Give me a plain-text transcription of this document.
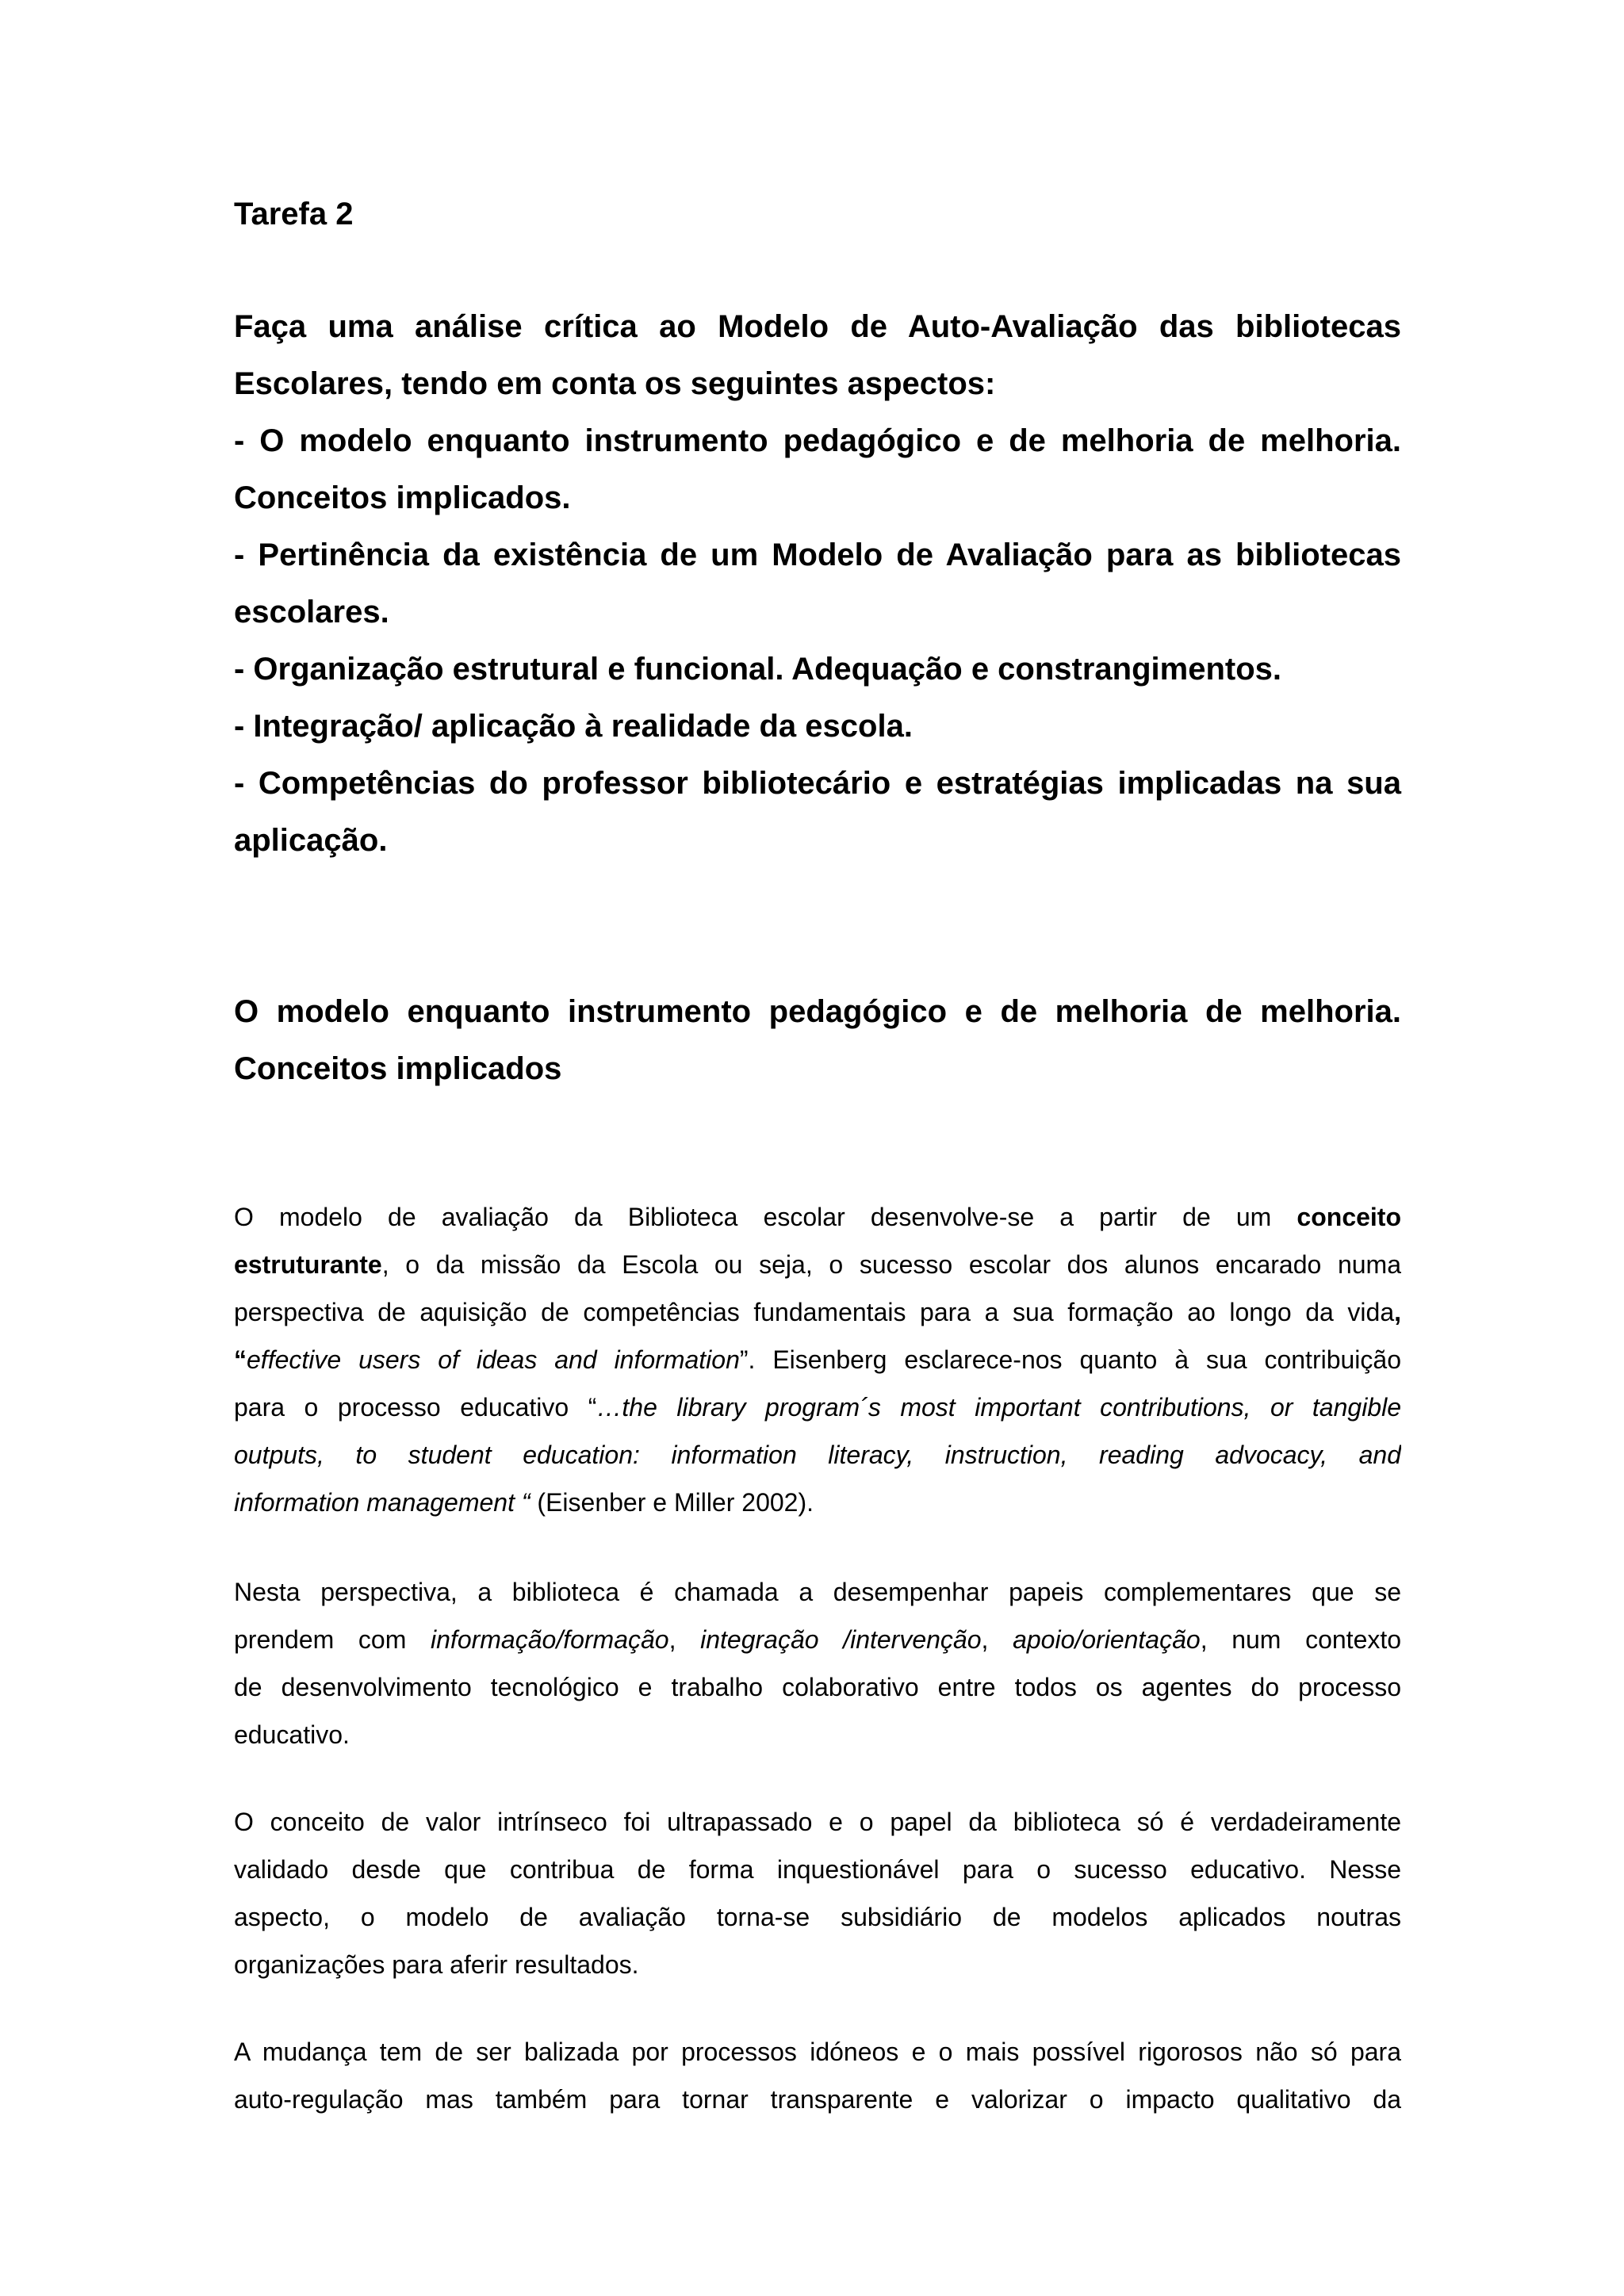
Tarefa 2

Faça uma análise crítica ao Modelo de Auto-Avaliação das bibliotecas

Escolares, tendo em conta os seguintes aspectos:

- O modelo enquanto instrumento pedagógico e de melhoria de melhoria.

Conceitos implicados.

- Pertinência da existência de um Modelo de Avaliação para as bibliotecas

escolares.

- Organização estrutural e funcional. Adequação e constrangimentos.

- Integração/ aplicação à realidade da escola.

- Competências do professor bibliotecário e estratégias implicadas na sua

aplicação.

O modelo enquanto instrumento pedagógico e de melhoria de melhoria.

Conceitos implicados

O modelo de avaliação da Biblioteca escolar desenvolve-se a partir de um conceito
estruturante, o da missão da Escola ou seja, o sucesso escolar dos alunos encarado numa
perspectiva de aquisição de competências fundamentais para a sua formação ao longo da vida,
“effective users of ideas and information”. Eisenberg esclarece-nos quanto à sua contribuição
para o processo educativo “…the library program´s most important contributions, or tangible
outputs, to student education: information literacy, instruction, reading advocacy, and
information management “ (Eisenber e Miller 2002).
Nesta perspectiva, a biblioteca é chamada a desempenhar papeis complementares que se
prendem com informação/formação, integração /intervenção, apoio/orientação, num contexto
de desenvolvimento tecnológico e trabalho colaborativo entre todos os agentes do processo
educativo.
O conceito de valor intrínseco foi ultrapassado e o papel da biblioteca só é verdadeiramente
validado desde que contribua de forma inquestionável para o sucesso educativo. Nesse
aspecto, o modelo de avaliação torna-se subsidiário de modelos aplicados noutras
organizações para aferir resultados.
A mudança tem de ser balizada por processos idóneos e o mais possível rigorosos não só para
auto-regulação mas também para tornar transparente e valorizar o impacto qualitativo da
